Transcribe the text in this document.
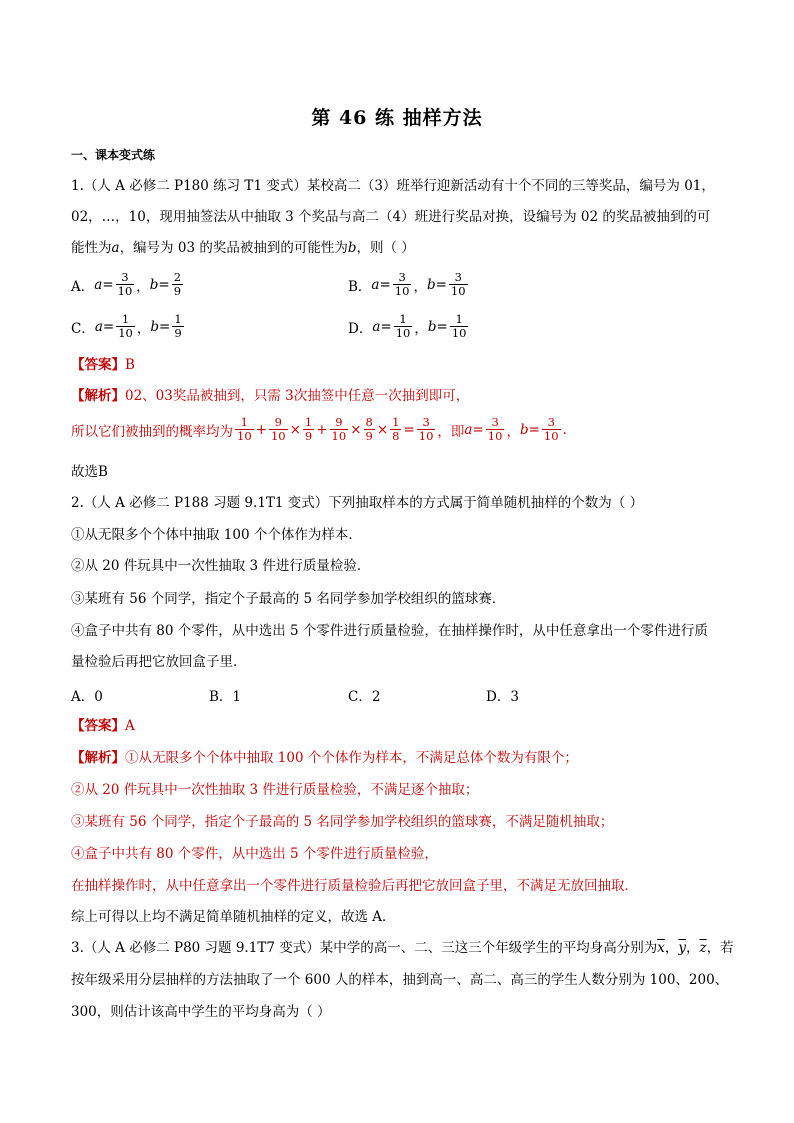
第 46 练 抽样方法
一、课本变式练
1.（人 A 必修二 P180 练习 T1 变式）某校高二（3）班举行迎新活动有十个不同的三等奖品，编号为 01，
02，…，10，现用抽签法从中抽取 3 个奖品与高二（4）班进行奖品对换，设编号为 02 的奖品被抽到的可
能性为a，编号为 03 的奖品被抽到的可能性为b，则（ ）
A． $a = \frac{3}{10}$ ， $b = \frac{2}{9}$	B． $a = \frac{3}{10}$ ， $b = \frac{3}{10}$
C． $a = \frac{1}{10}$ ， $b = \frac{1}{9}$	D． $a = \frac{1}{10}$ ， $b = \frac{1}{10}$
【答案】B
【解析】02、03奖品被抽到，只需 3次抽签中任意一次抽到即可，
所以它们被抽到的概率均为 $\frac{1}{10} + \frac{9}{10} \times \frac{1}{9} + \frac{9}{10} \times \frac{8}{9} \times \frac{1}{8} = \frac{3}{10}$ ，即 $a = \frac{3}{10}$ ， $b = \frac{3}{10}$ .
故选B
2.（人 A 必修二 P188 习题 9.1T1 变式）下列抽取样本的方式属于简单随机抽样的个数为（ ）
①从无限多个个体中抽取 100 个个体作为样本．
②从 20 件玩具中一次性抽取 3 件进行质量检验．
③某班有 56 个同学，指定个子最高的 5 名同学参加学校组织的篮球赛．
④盒子中共有 80 个零件，从中选出 5 个零件进行质量检验，在抽样操作时，从中任意拿出一个零件进行质
量检验后再把它放回盒子里．
A．0	B．1	C．2	D．3
【答案】A
【解析】①从无限多个个体中抽取 100 个个体作为样本，不满足总体个数为有限个；
②从 20 件玩具中一次性抽取 3 件进行质量检验，不满足逐个抽取；
③某班有 56 个同学，指定个子最高的 5 名同学参加学校组织的篮球赛，不满足随机抽取；
④盒子中共有 80 个零件，从中选出 5 个零件进行质量检验，
在抽样操作时，从中任意拿出一个零件进行质量检验后再把它放回盒子里，不满足无放回抽取．
综上可得以上均不满足简单随机抽样的定义，故选 A．
3.（人 A 必修二 P80 习题 9.1T7 变式）某中学的高一、二、三这三个年级学生的平均身高分别为$\overline{x}$，$\overline{y}$，$\overline{z}$，若
按年级采用分层抽样的方法抽取了一个 600 人的样本，抽到高一、高二、高三的学生人数分别为 100、200、
300，则估计该高中学生的平均身高为（ ）
